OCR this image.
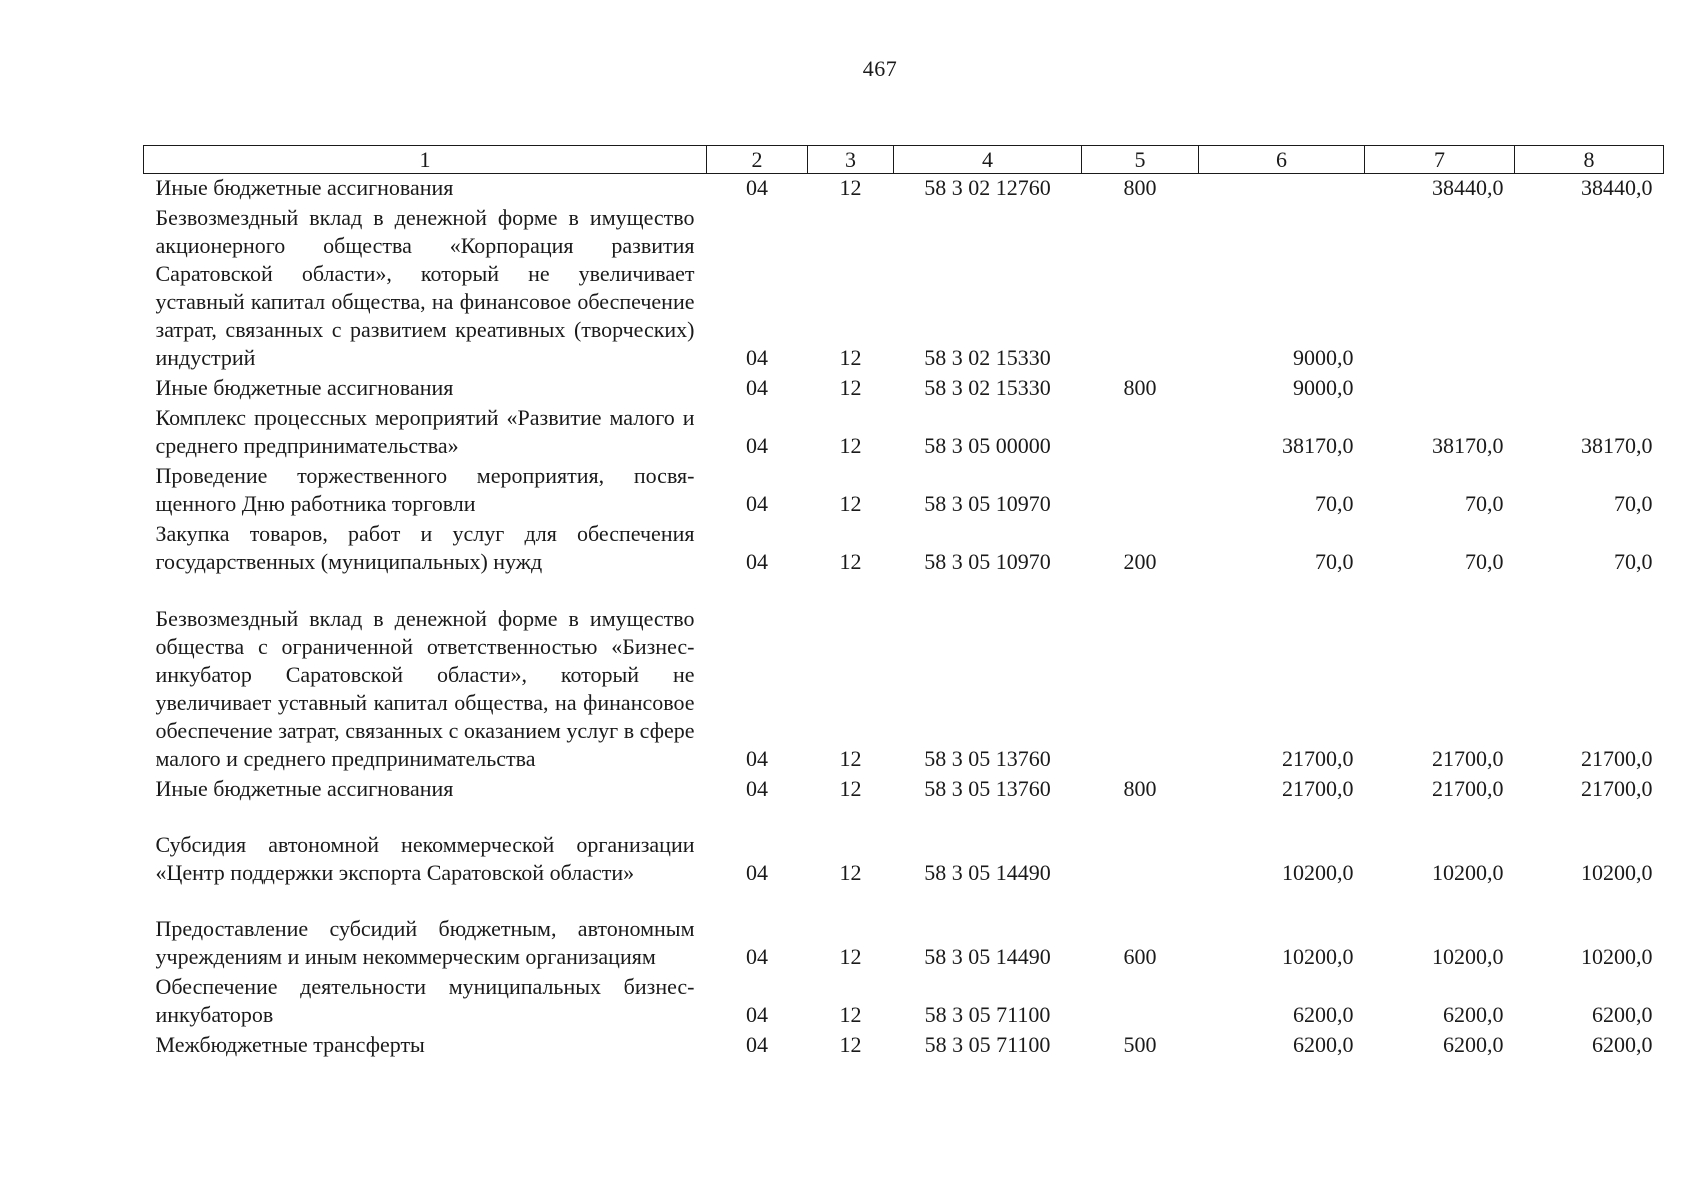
467
1	2	3	4	5	6	7	8
Иные бюджетные ассигнования	04	12	58 3 02 12760	800		38440,0	38440,0
Безвозмездный вклад в денежной форме в имущество акционерного общества «Корпорация развития Саратовской области», который не увеличивает уставный капитал общества, на финансовое обеспечение затрат, связанных с развитием креативных (творческих) индустрий	04	12	58 3 02 15330		9000,0		
Иные бюджетные ассигнования	04	12	58 3 02 15330	800	9000,0		
Комплекс процессных мероприятий «Развитие малого и среднего предпринимательства»	04	12	58 3 05 00000		38170,0	38170,0	38170,0
Проведение торжественного мероприятия, посвященного Дню работника торговли	04	12	58 3 05 10970		70,0	70,0	70,0
Закупка товаров, работ и услуг для обеспечения государственных (муниципальных) нужд	04	12	58 3 05 10970	200	70,0	70,0	70,0
Безвозмездный вклад в денежной форме в имущество общества с ограниченной ответственностью «Бизнес-инкубатор Саратовской области», который не увеличивает уставный капитал общества, на финансовое обеспечение затрат, связанных с оказанием услуг в сфере малого и среднего предпринимательства	04	12	58 3 05 13760		21700,0	21700,0	21700,0
Иные бюджетные ассигнования	04	12	58 3 05 13760	800	21700,0	21700,0	21700,0
Субсидия автономной некоммерческой организации «Центр поддержки экспорта Саратовской области»	04	12	58 3 05 14490		10200,0	10200,0	10200,0
Предоставление субсидий бюджетным, автономным учреждениям и иным некоммерческим организациям	04	12	58 3 05 14490	600	10200,0	10200,0	10200,0
Обеспечение деятельности муниципальных бизнес-инкубаторов	04	12	58 3 05 71100		6200,0	6200,0	6200,0
Межбюджетные трансферты	04	12	58 3 05 71100	500	6200,0	6200,0	6200,0
